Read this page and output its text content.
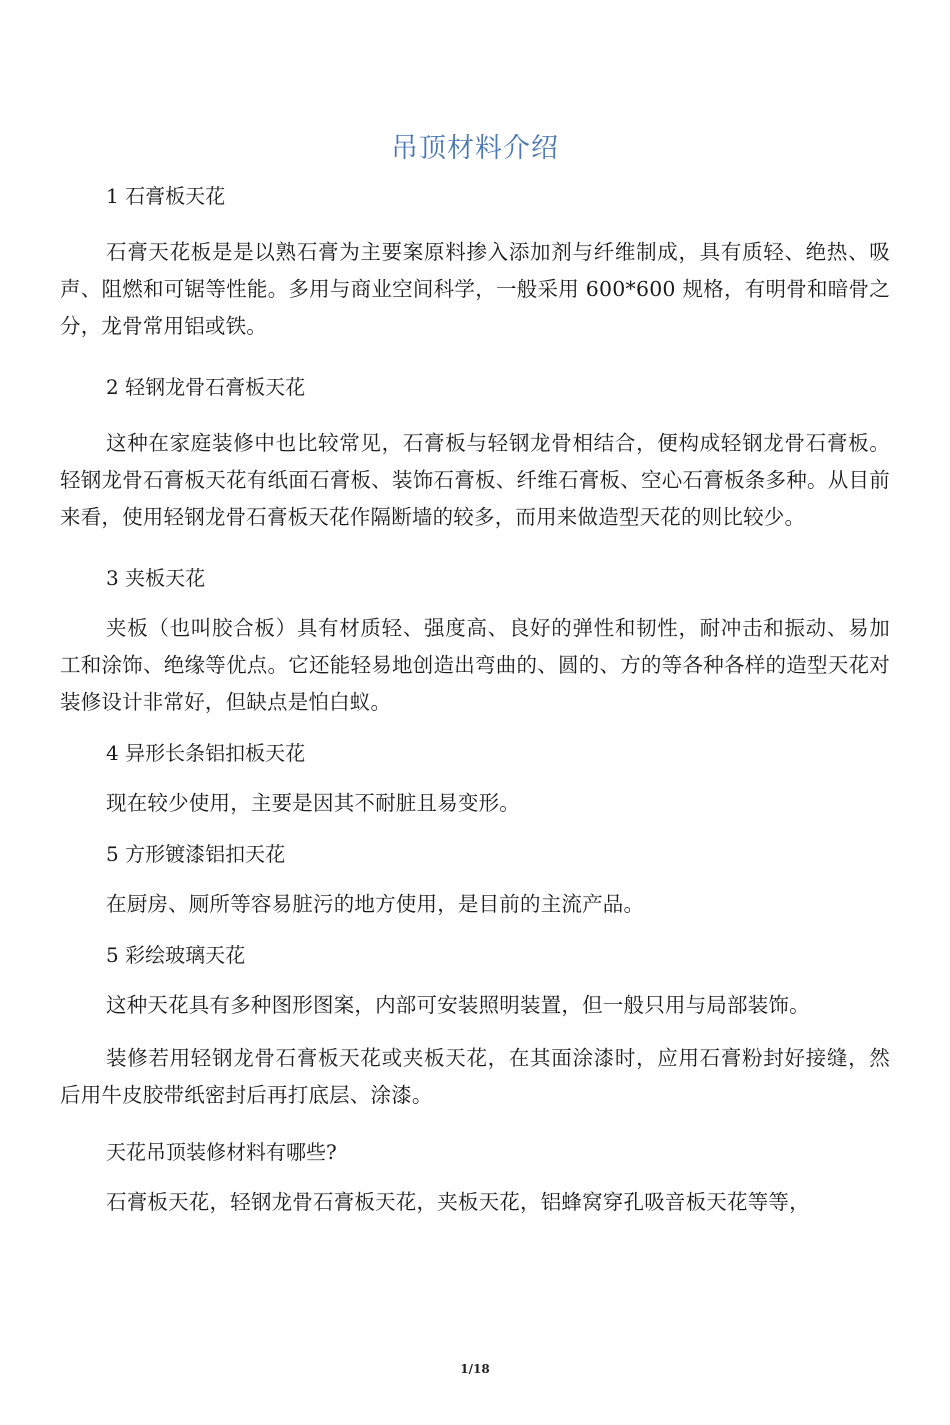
吊顶材料介绍

1 石膏板天花

石膏天花板是是以熟石膏为主要案原料掺入添加剂与纤维制成，具有质轻、绝热、吸声、阻燃和可锯等性能。多用与商业空间科学，一般采用 600*600 规格，有明骨和暗骨之分，龙骨常用铝或铁。

2 轻钢龙骨石膏板天花

这种在家庭装修中也比较常见，石膏板与轻钢龙骨相结合，便构成轻钢龙骨石膏板。轻钢龙骨石膏板天花有纸面石膏板、装饰石膏板、纤维石膏板、空心石膏板条多种。从目前来看，使用轻钢龙骨石膏板天花作隔断墙的较多，而用来做造型天花的则比较少。

3 夹板天花

夹板（也叫胶合板）具有材质轻、强度高、良好的弹性和韧性，耐冲击和振动、易加工和涂饰、绝缘等优点。它还能轻易地创造出弯曲的、圆的、方的等各种各样的造型天花对装修设计非常好，但缺点是怕白蚁。

4 异形长条铝扣板天花

现在较少使用，主要是因其不耐脏且易变形。

5 方形镀漆铝扣天花

在厨房、厕所等容易脏污的地方使用，是目前的主流产品。

5 彩绘玻璃天花

这种天花具有多种图形图案，内部可安装照明装置，但一般只用与局部装饰。

装修若用轻钢龙骨石膏板天花或夹板天花，在其面涂漆时，应用石膏粉封好接缝，然后用牛皮胶带纸密封后再打底层、涂漆。

天花吊顶装修材料有哪些?

石膏板天花，轻钢龙骨石膏板天花，夹板天花，铝蜂窝穿孔吸音板天花等等，

1/18
